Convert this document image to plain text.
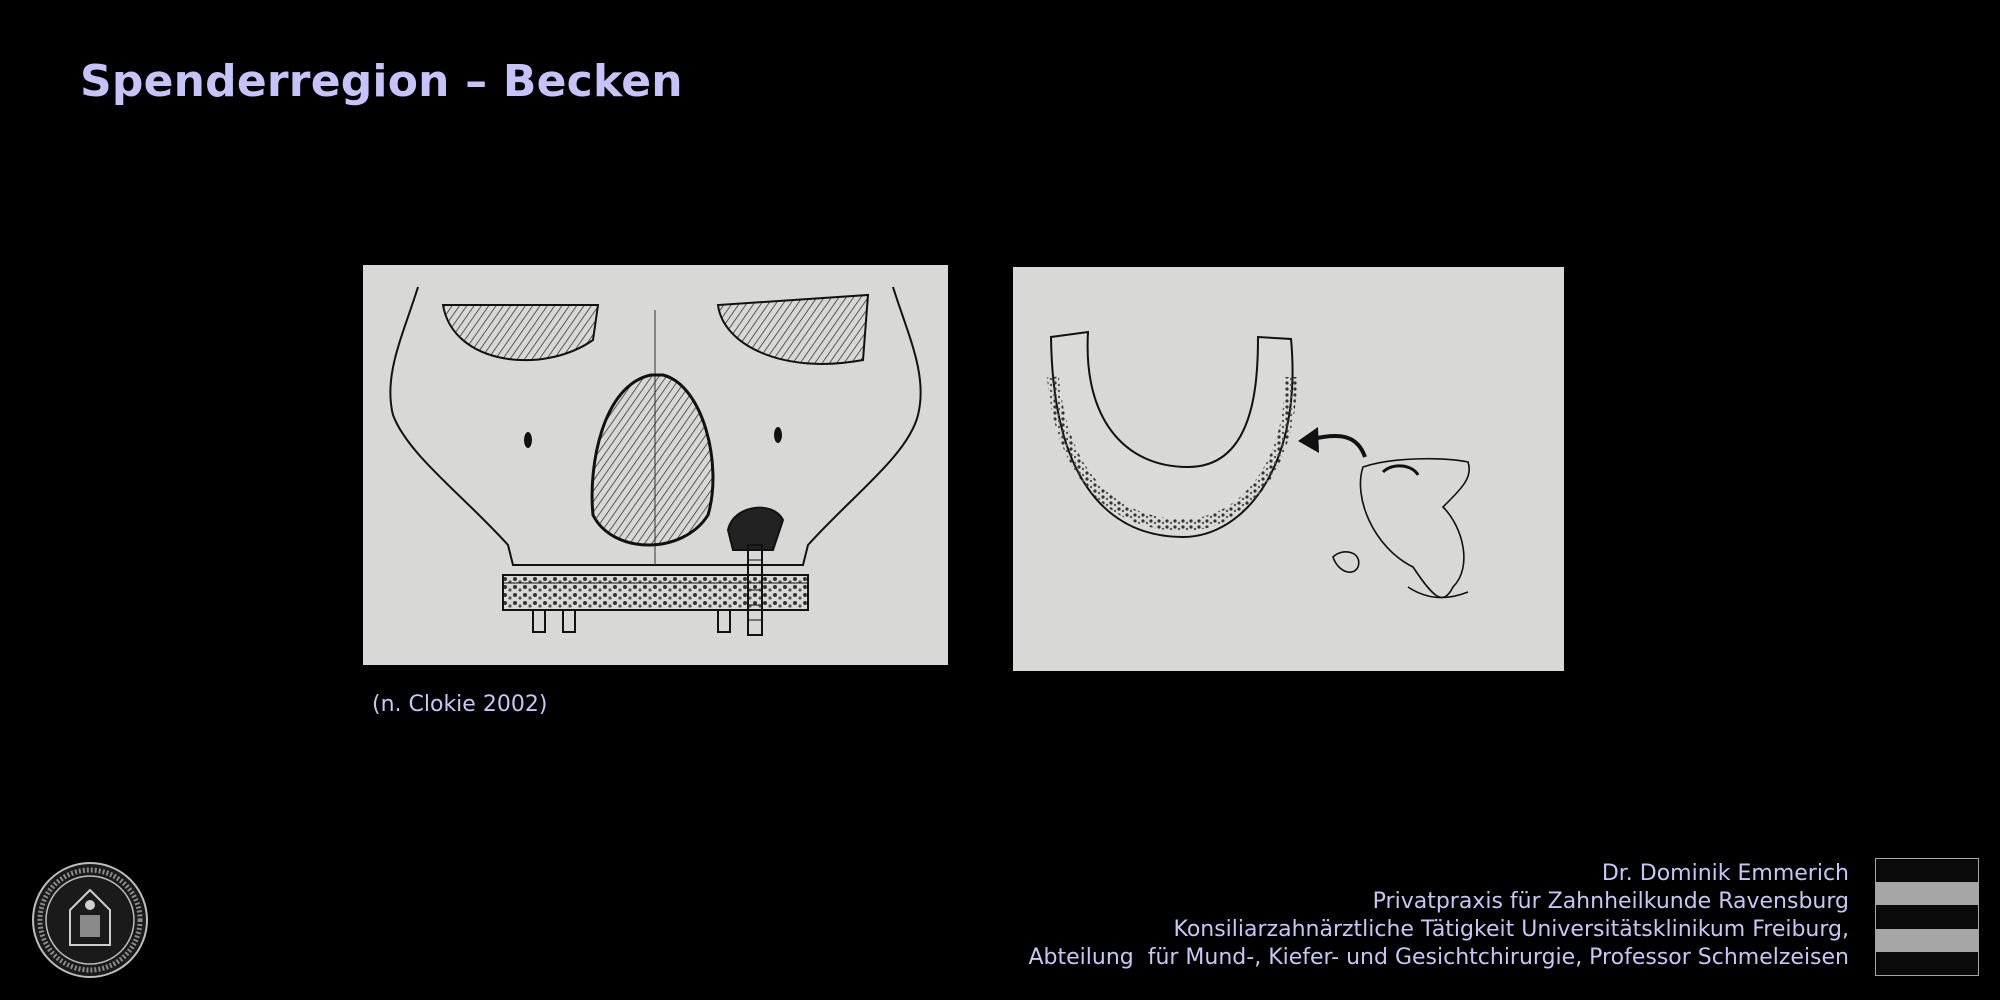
Spenderregion – Becken
(n. Clokie 2002)
Dr. Dominik Emmerich
Privatpraxis für Zahnheilkunde Ravensburg
Konsiliarzahnärztliche Tätigkeit Universitätsklinikum Freiburg,
Abteilung  für Mund-, Kiefer- und Gesichtchirurgie, Professor Schmelzeisen
